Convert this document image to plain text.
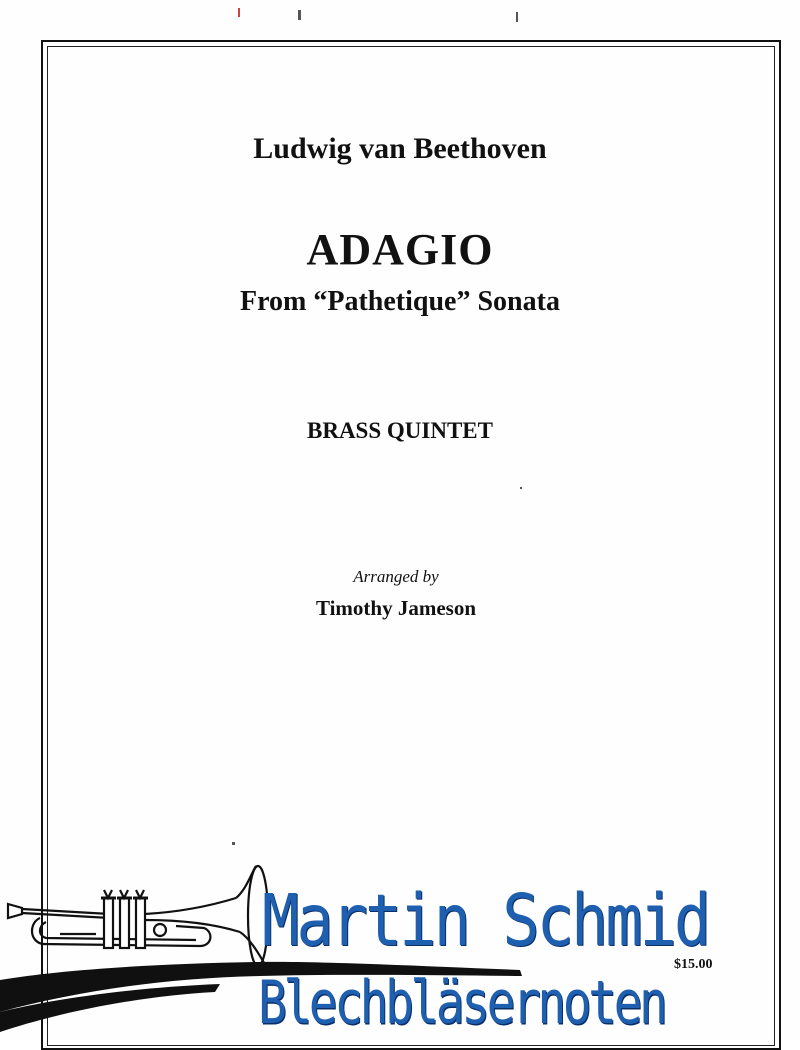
Ludwig van Beethoven
ADAGIO
From “Pathetique” Sonata
BRASS QUINTET
Arranged by
Timothy Jameson
$15.00
Martin Schmid
Blechbläsernoten
